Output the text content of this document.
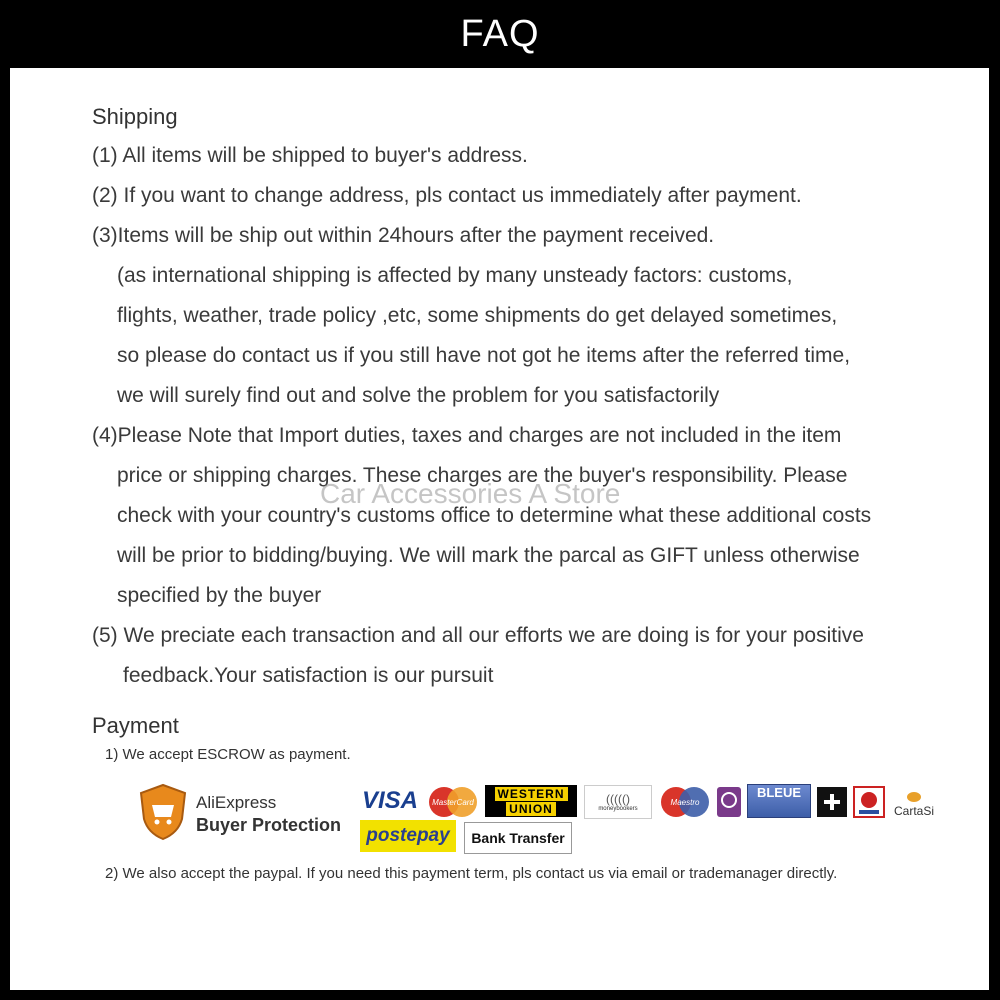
FAQ
Shipping
(1) All items will be shipped to buyer's address.
(2) If you want to change address, pls contact us immediately after payment.
(3)Items will be ship out within 24hours after the payment received.
(as international shipping is affected by many unsteady factors: customs,
flights, weather, trade policy ,etc, some shipments do get delayed sometimes,
so please do contact us if you still have not got he items after the referred time,
we will surely find out and solve the problem for you satisfactorily
(4)Please Note that Import duties, taxes and charges are not included in the item
price or shipping charges. These charges are the buyer's responsibility. Please
check with your country's customs office to determine what these additional costs
will be prior to bidding/buying. We will mark the parcal as GIFT unless otherwise
specified by the buyer
(5) We preciate each transaction and all our efforts we are doing is for your positive
feedback.Your satisfaction is our pursuit
Car Accessories A Store
Payment
1) We accept ESCROW as payment.
AliExpress
Buyer Protection
VISA	MasterCard
WESTERN
UNION
((((()
moneybookers
Maestro
BLEUE
CartaSi
postepay	Bank Transfer
2) We also accept the paypal. If you need this payment term, pls contact us via email or trademanager directly.
